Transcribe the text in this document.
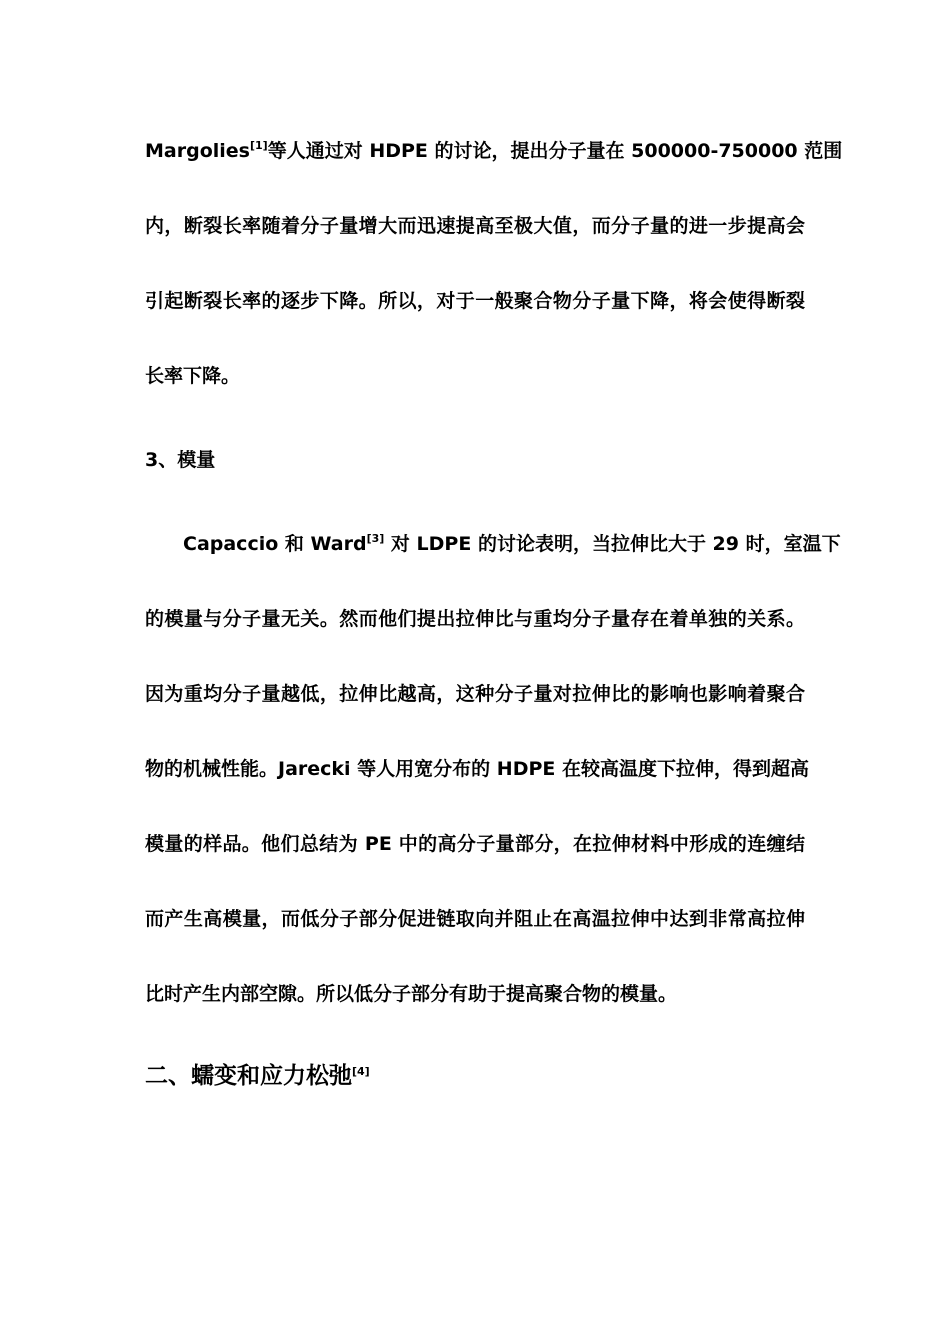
Margolies[1]等人通过对 HDPE 的讨论，提出分子量在 500000-750000 范围
内，断裂长率随着分子量增大而迅速提高至极大值，而分子量的进一步提高会
引起断裂长率的逐步下降。所以，对于一般聚合物分子量下降，将会使得断裂
长率下降。
3、模量
Capaccio 和 Ward[3] 对 LDPE 的讨论表明，当拉伸比大于 29 时，室温下
的模量与分子量无关。然而他们提出拉伸比与重均分子量存在着单独的关系。
因为重均分子量越低，拉伸比越高，这种分子量对拉伸比的影响也影响着聚合
物的机械性能。Jarecki 等人用宽分布的 HDPE 在较高温度下拉伸，得到超高
模量的样品。他们总结为 PE 中的高分子量部分，在拉伸材料中形成的连缠结
而产生高模量，而低分子部分促进链取向并阻止在高温拉伸中达到非常高拉伸
比时产生内部空隙。所以低分子部分有助于提高聚合物的模量。
二、蠕变和应力松弛[4]
